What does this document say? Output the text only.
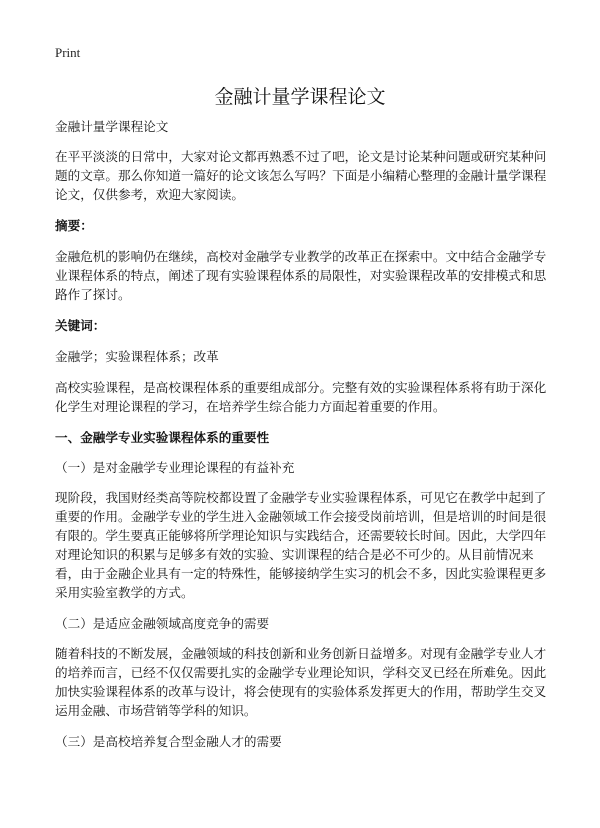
Print
金融计量学课程论文

金融计量学课程论文

在平平淡淡的日常中，大家对论文都再熟悉不过了吧，论文是讨论某种问题或研究某种问题的文章。那么你知道一篇好的论文该怎么写吗？下面是小编精心整理的金融计量学课程论文，仅供参考，欢迎大家阅读。

摘要：

金融危机的影响仍在继续，高校对金融学专业教学的改革正在探索中。文中结合金融学专业课程体系的特点，阐述了现有实验课程体系的局限性，对实验课程改革的安排模式和思路作了探讨。

关键词：

金融学；实验课程体系；改革

高校实验课程，是高校课程体系的重要组成部分。完整有效的实验课程体系将有助于深化化学生对理论课程的学习，在培养学生综合能力方面起着重要的作用。

一、金融学专业实验课程体系的重要性

（一）是对金融学专业理论课程的有益补充

现阶段，我国财经类高等院校都设置了金融学专业实验课程体系，可见它在教学中起到了重要的作用。金融学专业的学生进入金融领域工作会接受岗前培训，但是培训的时间是很有限的。学生要真正能够将所学理论知识与实践结合，还需要较长时间。因此，大学四年对理论知识的积累与足够多有效的实验、实训课程的结合是必不可少的。从目前情况来看，由于金融企业具有一定的特殊性，能够接纳学生实习的机会不多，因此实验课程更多采用实验室教学的方式。

（二）是适应金融领域高度竞争的需要

随着科技的不断发展，金融领域的科技创新和业务创新日益增多。对现有金融学专业人才的培养而言，已经不仅仅需要扎实的金融学专业理论知识，学科交叉已经在所难免。因此加快实验课程体系的改革与设计，将会使现有的实验体系发挥更大的作用，帮助学生交叉运用金融、市场营销等学科的知识。

（三）是高校培养复合型金融人才的需要
